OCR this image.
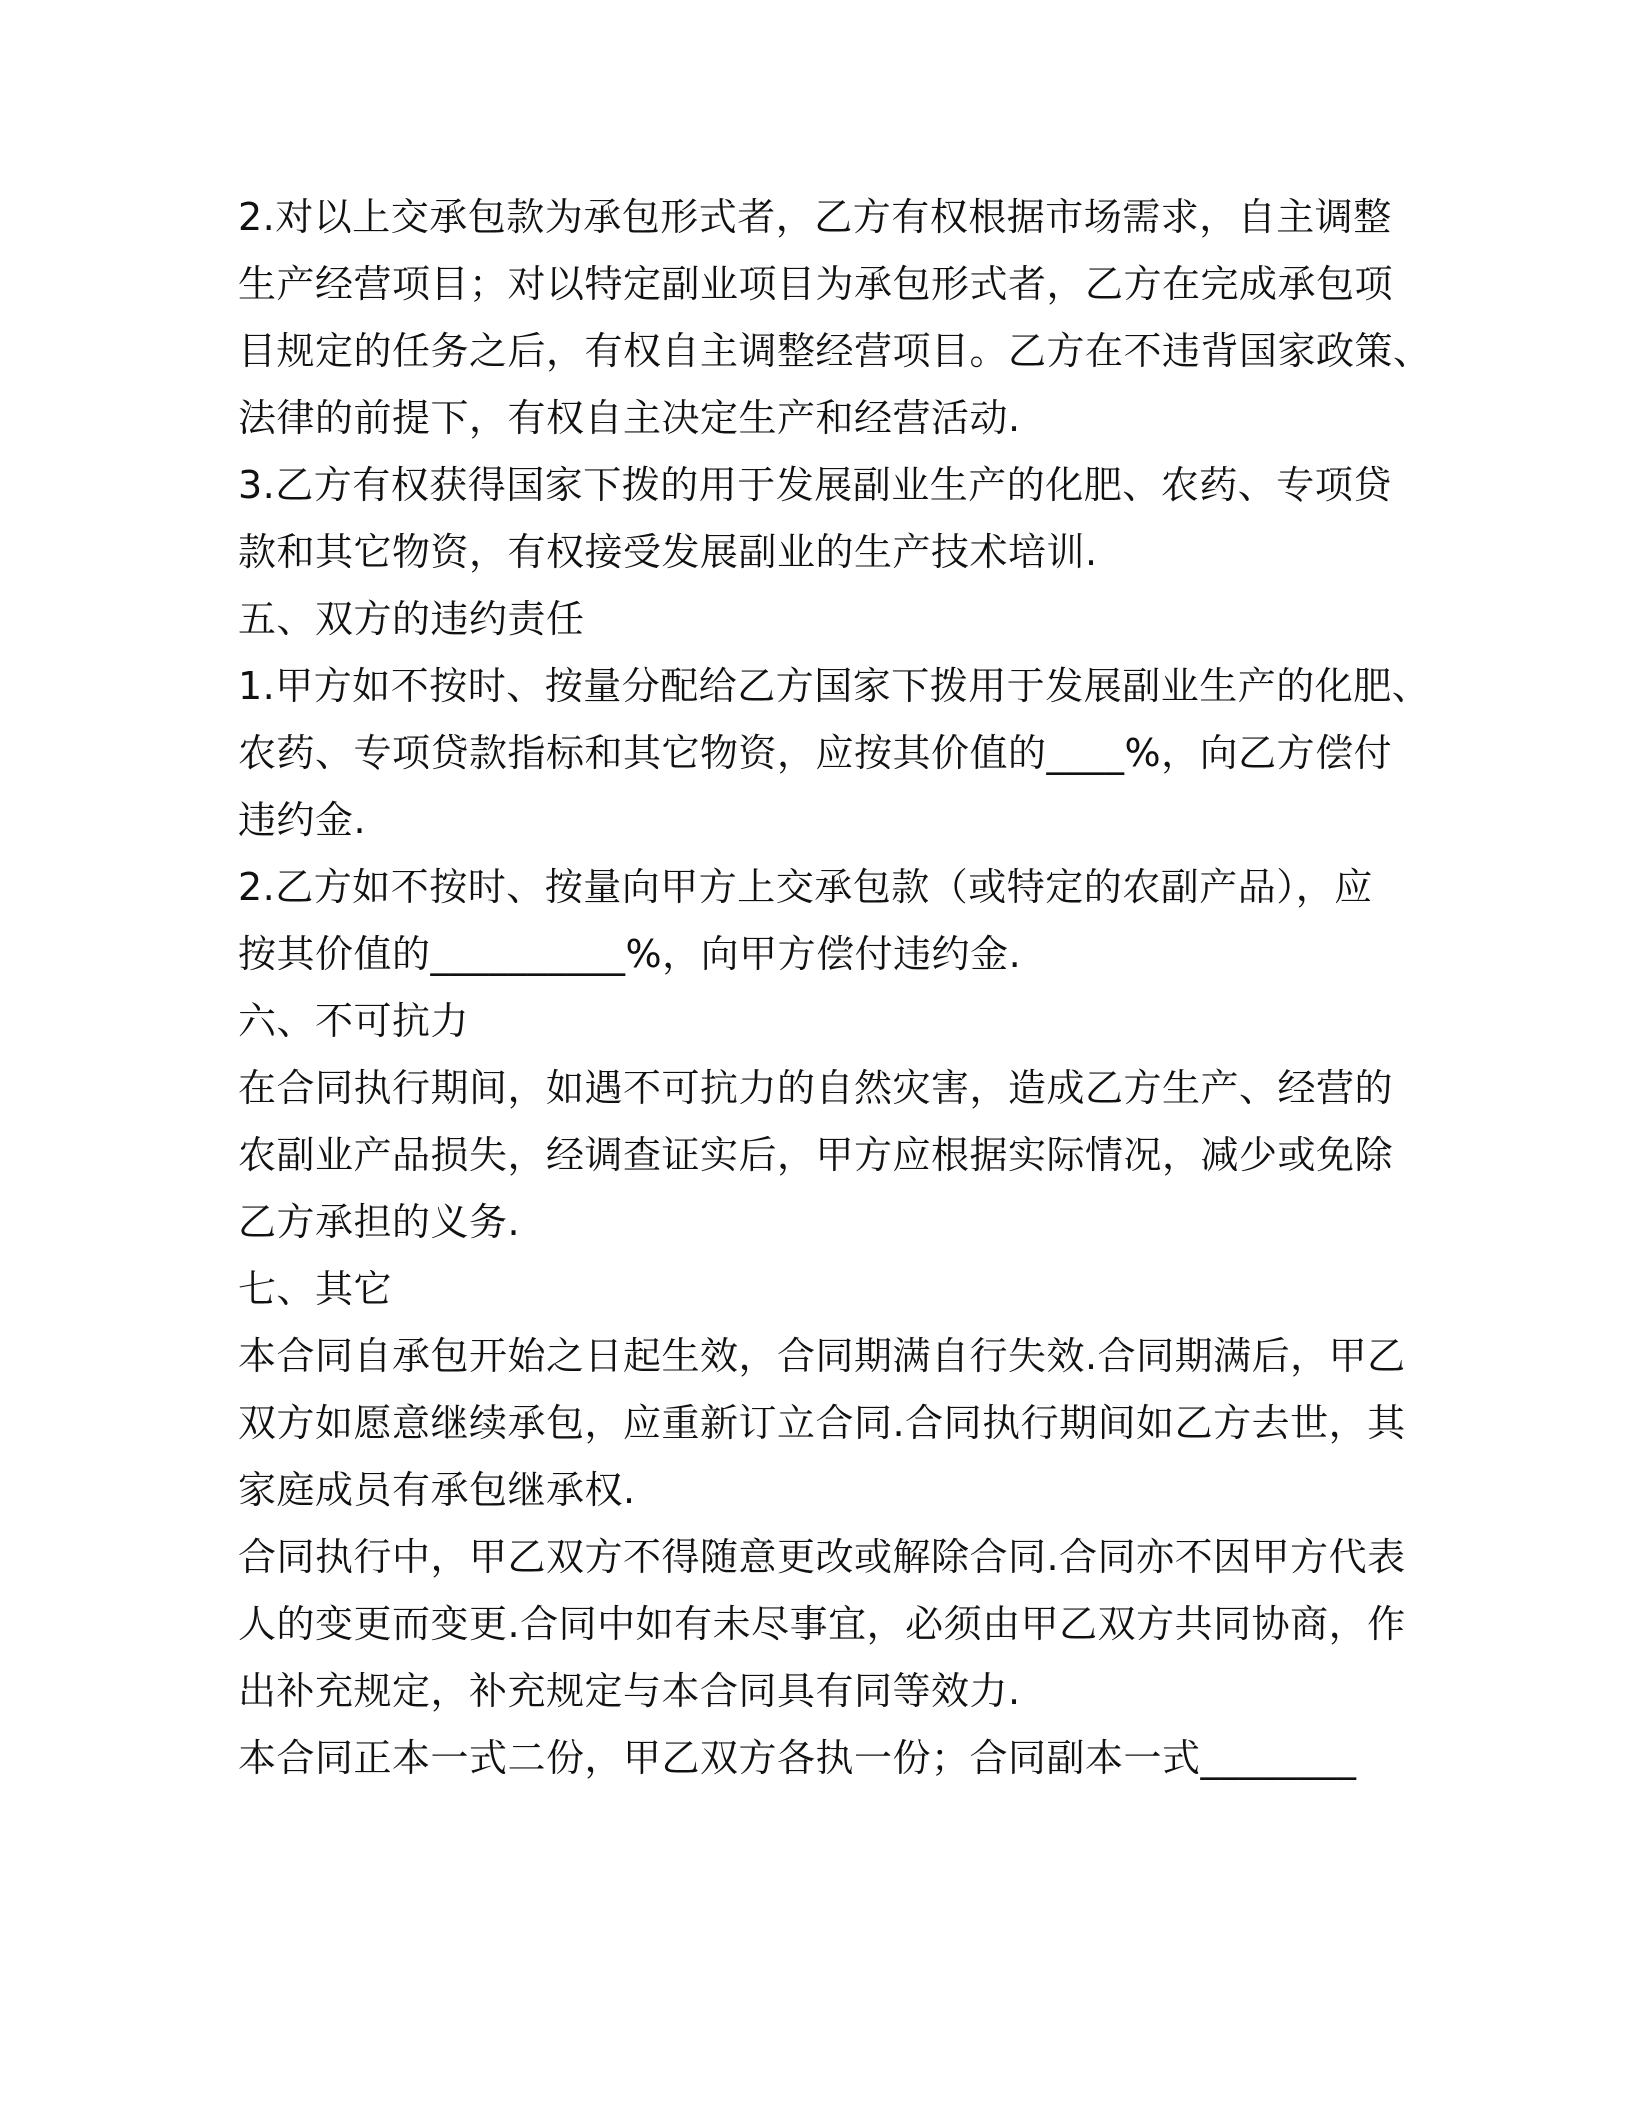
2.对以上交承包款为承包形式者，乙方有权根据市场需求，自主调整
生产经营项目；对以特定副业项目为承包形式者，乙方在完成承包项
目规定的任务之后，有权自主调整经营项目。乙方在不违背国家政策、
法律的前提下，有权自主决定生产和经营活动.
3.乙方有权获得国家下拨的用于发展副业生产的化肥、农药、专项贷
款和其它物资，有权接受发展副业的生产技术培训.
五、双方的违约责任
1.甲方如不按时、按量分配给乙方国家下拨用于发展副业生产的化肥、
农药、专项贷款指标和其它物资，应按其价值的____%，向乙方偿付
违约金.
2.乙方如不按时、按量向甲方上交承包款（或特定的农副产品），应
按其价值的__________%，向甲方偿付违约金.
六、不可抗力
在合同执行期间，如遇不可抗力的自然灾害，造成乙方生产、经营的
农副业产品损失，经调查证实后，甲方应根据实际情况，减少或免除
乙方承担的义务.
七、其它
本合同自承包开始之日起生效，合同期满自行失效.合同期满后，甲乙
双方如愿意继续承包，应重新订立合同.合同执行期间如乙方去世，其
家庭成员有承包继承权.
合同执行中，甲乙双方不得随意更改或解除合同.合同亦不因甲方代表
人的变更而变更.合同中如有未尽事宜，必须由甲乙双方共同协商，作
出补充规定，补充规定与本合同具有同等效力.
本合同正本一式二份，甲乙双方各执一份；合同副本一式________
